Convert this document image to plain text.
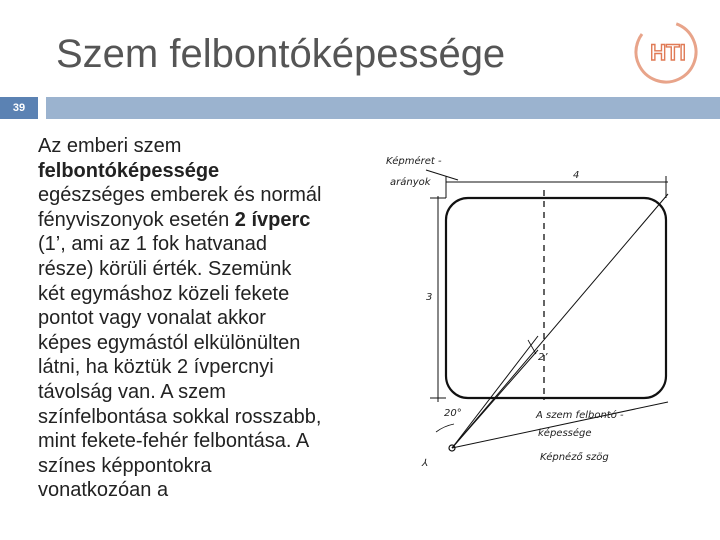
Szem felbontóképessége	HTI
39
Az emberi szem
felbontóképessége
egészséges emberek és normál
fényviszonyok esetén 2 ívperc
(1’, ami az 1 fok hatvanad
része) körüli érték. Szemünk
két egymáshoz közeli fekete
pontot vagy vonalat akkor
képes egymástól elkülönülten
látni, ha köztük 2 ívpercnyi
távolság van. A szem
színfelbontása sokkal rosszabb,
mint fekete-fehér felbontása. A
színes képpontokra
vonatkozóan a
4
3
Képméret -
arányok
2’
20°
⅄
A szem felbontó -
képessége
Képnéző szög
